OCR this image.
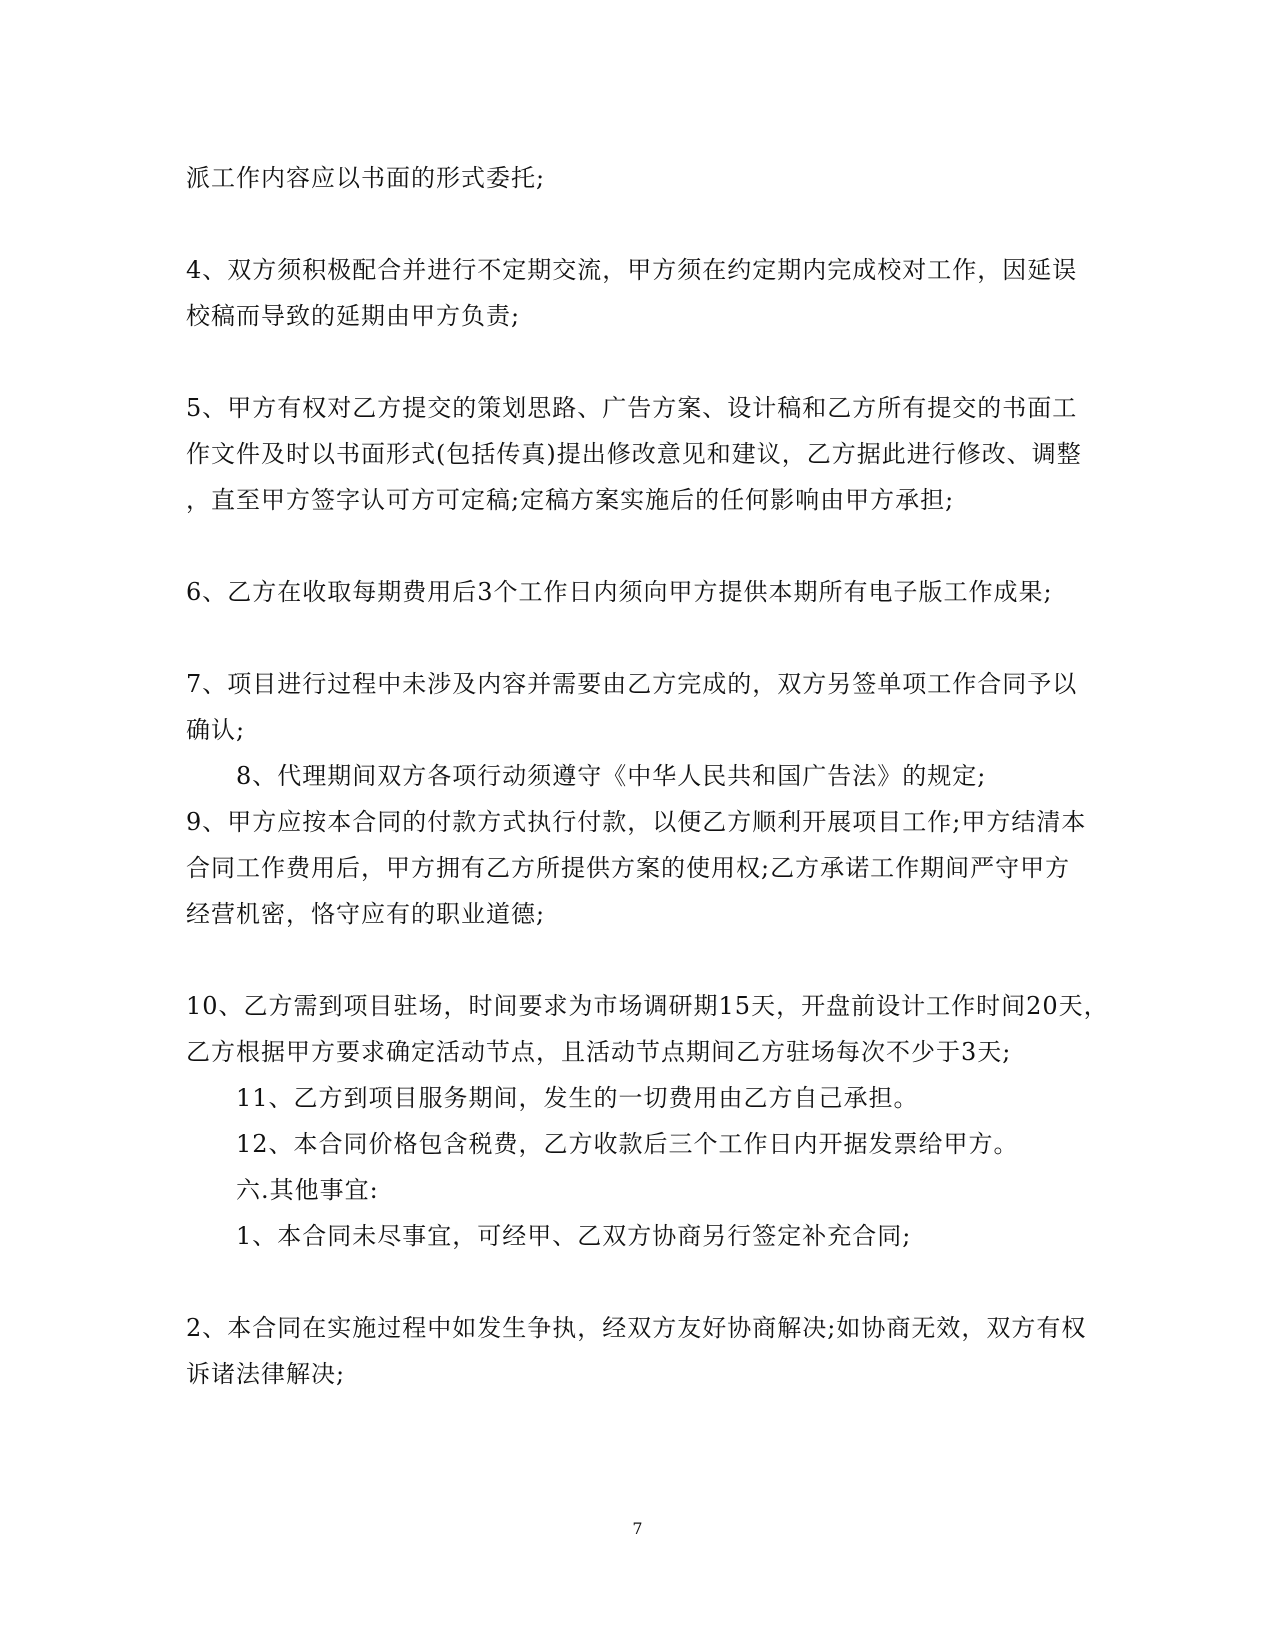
派工作内容应以书面的形式委托;
4、双方须积极配合并进行不定期交流，甲方须在约定期内完成校对工作，因延误
校稿而导致的延期由甲方负责;
5、甲方有权对乙方提交的策划思路、广告方案、设计稿和乙方所有提交的书面工
作文件及时以书面形式(包括传真)提出修改意见和建议，乙方据此进行修改、调整
，直至甲方签字认可方可定稿;定稿方案实施后的任何影响由甲方承担;
6、乙方在收取每期费用后3个工作日内须向甲方提供本期所有电子版工作成果;
7、项目进行过程中未涉及内容并需要由乙方完成的，双方另签单项工作合同予以
确认;
8、代理期间双方各项行动须遵守《中华人民共和国广告法》的规定;
9、甲方应按本合同的付款方式执行付款，以便乙方顺利开展项目工作;甲方结清本
合同工作费用后，甲方拥有乙方所提供方案的使用权;乙方承诺工作期间严守甲方
经营机密，恪守应有的职业道德;
10、乙方需到项目驻场，时间要求为市场调研期15天，开盘前设计工作时间20天，
乙方根据甲方要求确定活动节点，且活动节点期间乙方驻场每次不少于3天;
11、乙方到项目服务期间，发生的一切费用由乙方自己承担。
12、本合同价格包含税费，乙方收款后三个工作日内开据发票给甲方。
六.其他事宜:
1、本合同未尽事宜，可经甲、乙双方协商另行签定补充合同;
2、本合同在实施过程中如发生争执，经双方友好协商解决;如协商无效，双方有权
诉诸法律解决;
7
